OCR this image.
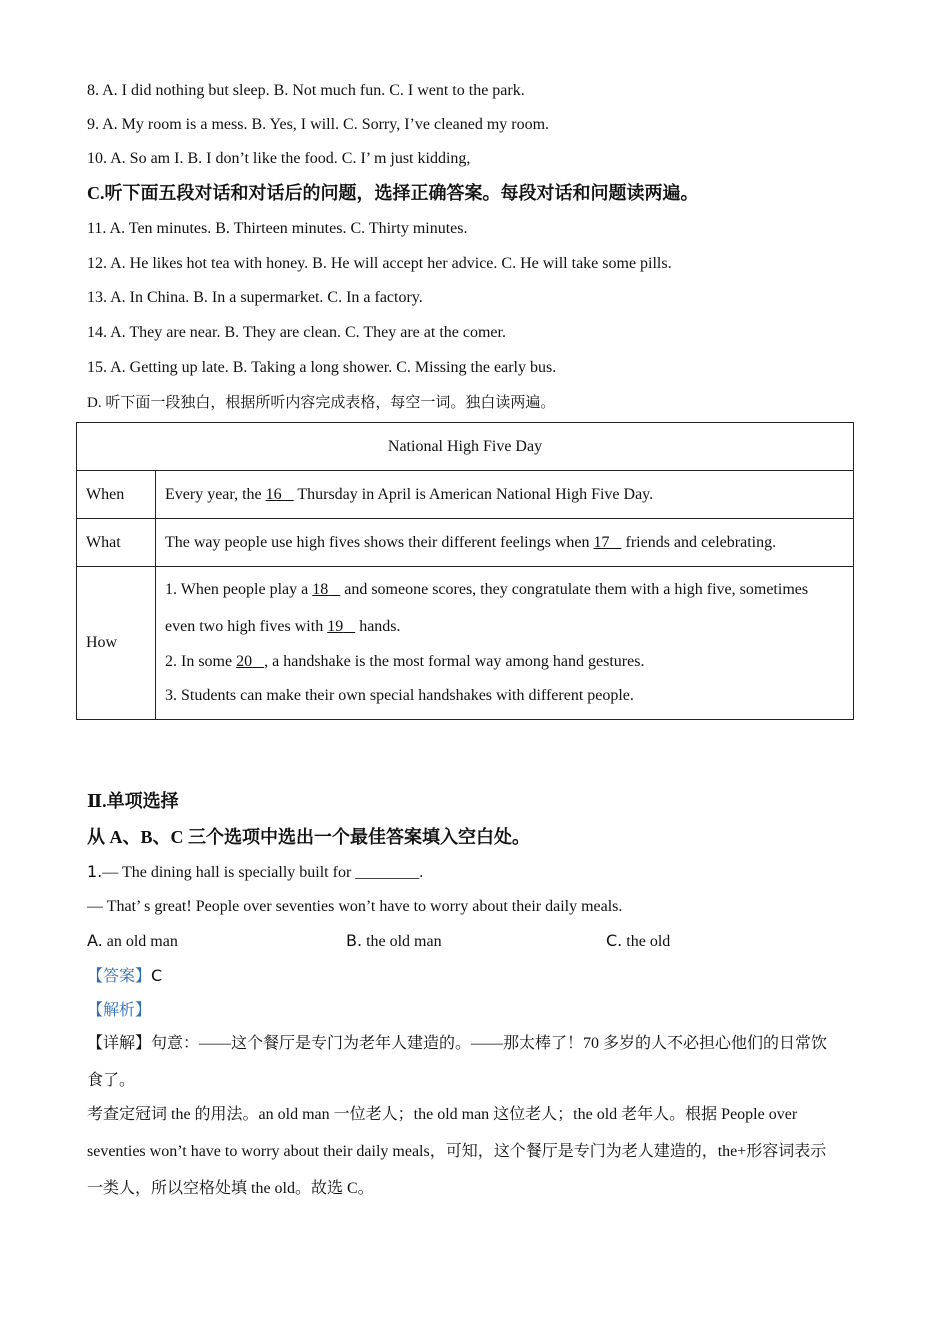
8. A. I did nothing but sleep. B. Not much fun. C. I went to the park.
9. A. My room is a mess. B. Yes, I will. C. Sorry, I’ve cleaned my room.
10. A. So am I. B. I don’t like the food. C. I’ m just kidding,
C.听下面五段对话和对话后的问题，选择正确答案。每段对话和问题读两遍。
11. A. Ten minutes. B. Thirteen minutes. C. Thirty minutes.
12. A. He likes hot tea with honey. B. He will accept her advice. C. He will take some pills.
13. A. In China. B. In a supermarket. C. In a factory.
14. A. They are near. B. They are clean. C. They are at the comer.
15. A. Getting up late. B. Taking a long shower. C. Missing the early bus.
D. 听下面一段独白，根据所听内容完成表格，每空一词。独白读两遍。
National High Five Day	
When	Every year, the 16    Thursday in April is American National High Five Day.
What	The way people use high fives shows their different feelings when 17    friends and celebrating.
How	1. When people play a 18    and someone scores, they congratulate them with a high five, sometimes
even two high fives with 19    hands.
2. In some 20 , a handshake is the most formal way among hand gestures.
3. Students can make their own special handshakes with different people.
Ⅱ.单项选择
从 A、B、C 三个选项中选出一个最佳答案填入空白处。
1.— The dining hall is specially built for ________.
— That’ s great! People over seventies won’t have to worry about their daily meals.
A. an old man	B. the old man	C. the old
【答案】C
【解析】
【详解】句意：——这个餐厅是专门为老年人建造的。——那太棒了！70 多岁的人不必担心他们的日常饮
食了。
考查定冠词 the 的用法。an old man 一位老人；the old man 这位老人；the old 老年人。根据 People over
seventies won’t have to worry about their daily meals，可知，这个餐厅是专门为老人建造的，the+形容词表示
一类人，所以空格处填 the old。故选 C。
